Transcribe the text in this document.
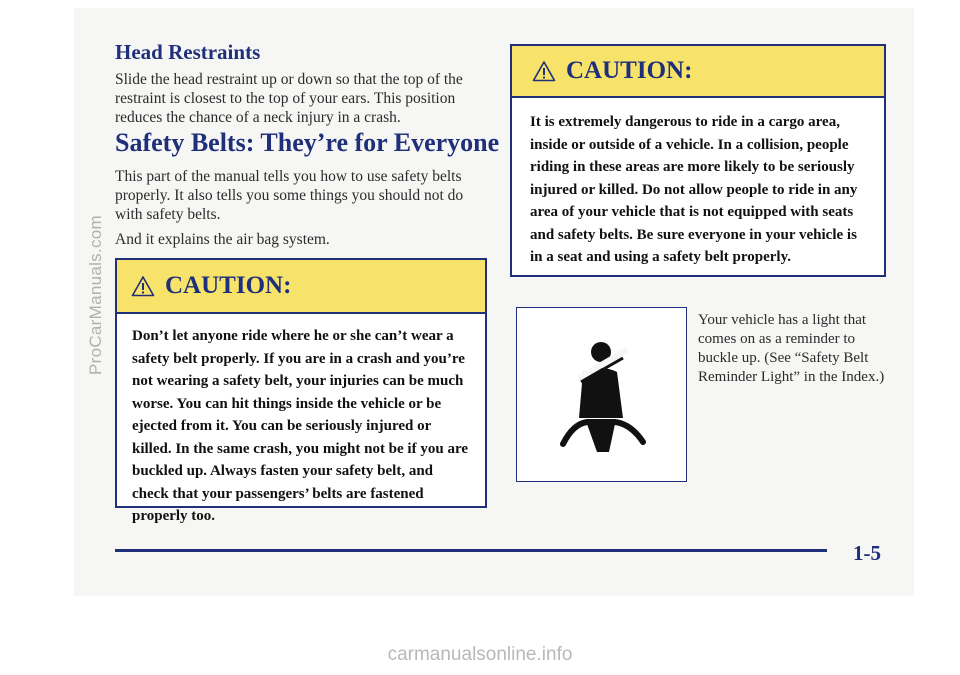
ProCarManuals.com
Head Restraints

Slide the head restraint up or down so that the top of the restraint is closest to the top of your ears. This position reduces the chance of a neck injury in a crash.

Safety Belts: They’re for Everyone

This part of the manual tells you how to use safety belts properly. It also tells you some things you should not do with safety belts.

And it explains the air bag system.

CAUTION:

Don’t let anyone ride where he or she can’t wear a safety belt properly. If you are in a crash and you’re not wearing a safety belt, your injuries can be much worse. You can hit things inside the vehicle or be ejected from it. You can be seriously injured or killed. In the same crash, you might not be if you are buckled up. Always fasten your safety belt, and check that your passengers’ belts are fastened properly too.

CAUTION:

It is extremely dangerous to ride in a cargo area, inside or outside of a vehicle. In a collision, people riding in these areas are more likely to be seriously injured or killed. Do not allow people to ride in any area of your vehicle that is not equipped with seats and safety belts. Be sure everyone in your vehicle is in a seat and using a safety belt properly.

Your vehicle has a light that comes on as a reminder to buckle up. (See “Safety Belt Reminder Light” in the Index.)

1-5
carmanualsonline.info
